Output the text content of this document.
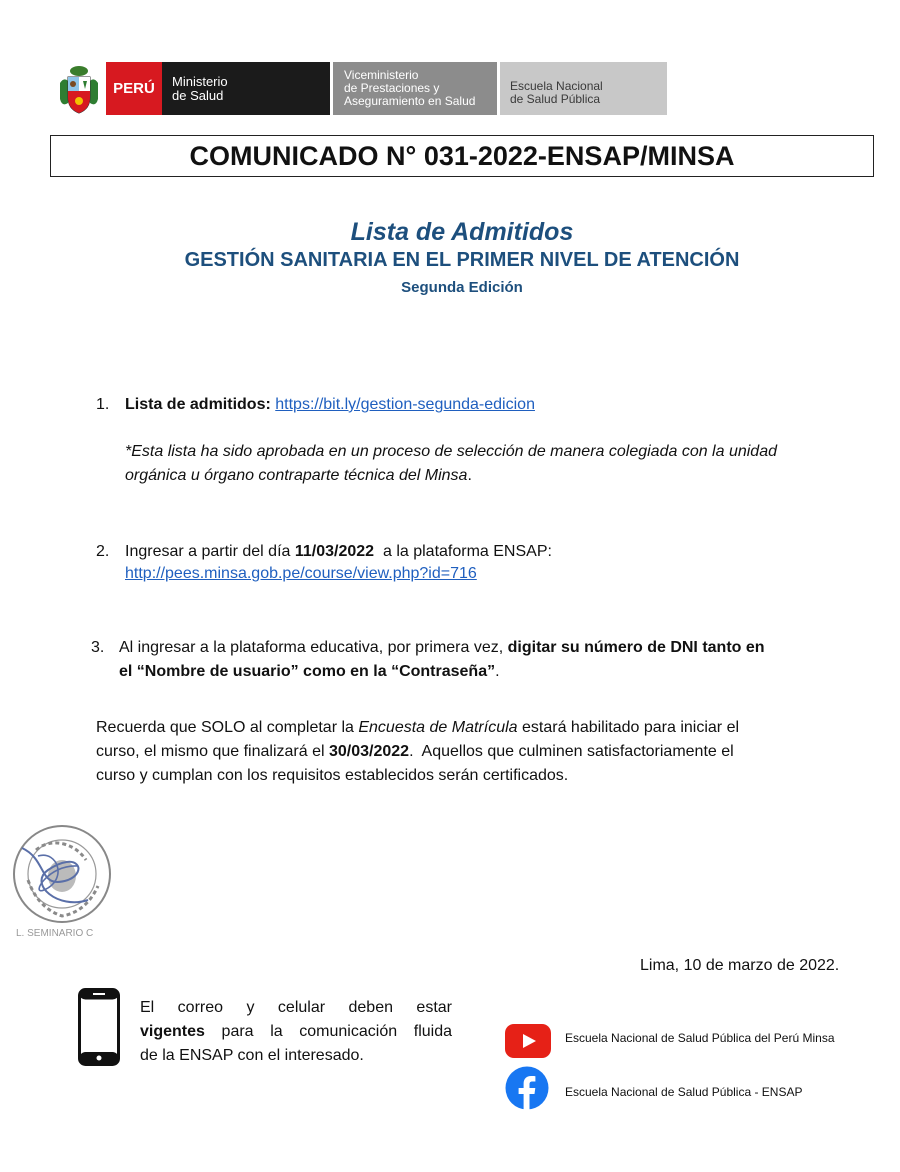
PERÚ Ministerio
de Salud
Viceministerio
de Prestaciones y
Aseguramiento en Salud
Escuela Nacional
de Salud Pública
COMUNICADO N° 031-2022-ENSAP/MINSA
Lista de Admitidos
GESTIÓN SANITARIA EN EL PRIMER NIVEL DE ATENCIÓN
Segunda Edición
1. Lista de admitidos: https://bit.ly/gestion-segunda-edicion
*Esta lista ha sido aprobada en un proceso de selección de manera colegiada con la unidad
orgánica u órgano contraparte técnica del Minsa.
2. Ingresar a partir del día 11/03/2022  a la plataforma ENSAP:
http://pees.minsa.gob.pe/course/view.php?id=716
3. Al ingresar a la plataforma educativa, por primera vez, digitar su número de DNI tanto en
el “Nombre de usuario” como en la “Contraseña”.
Recuerda que SOLO al completar la Encuesta de Matrícula estará habilitado para iniciar el
curso, el mismo que finalizará el 30/03/2022.  Aquellos que culminen satisfactoriamente el
curso y cumplan con los requisitos establecidos serán certificados.
L. SEMINARIO C
Lima, 10 de marzo de 2022.
El correo y celular deben estar
vigentes para la comunicación fluida
de la ENSAP con el interesado.
Escuela Nacional de Salud Pública del Perú Minsa
Escuela Nacional de Salud Pública - ENSAP
